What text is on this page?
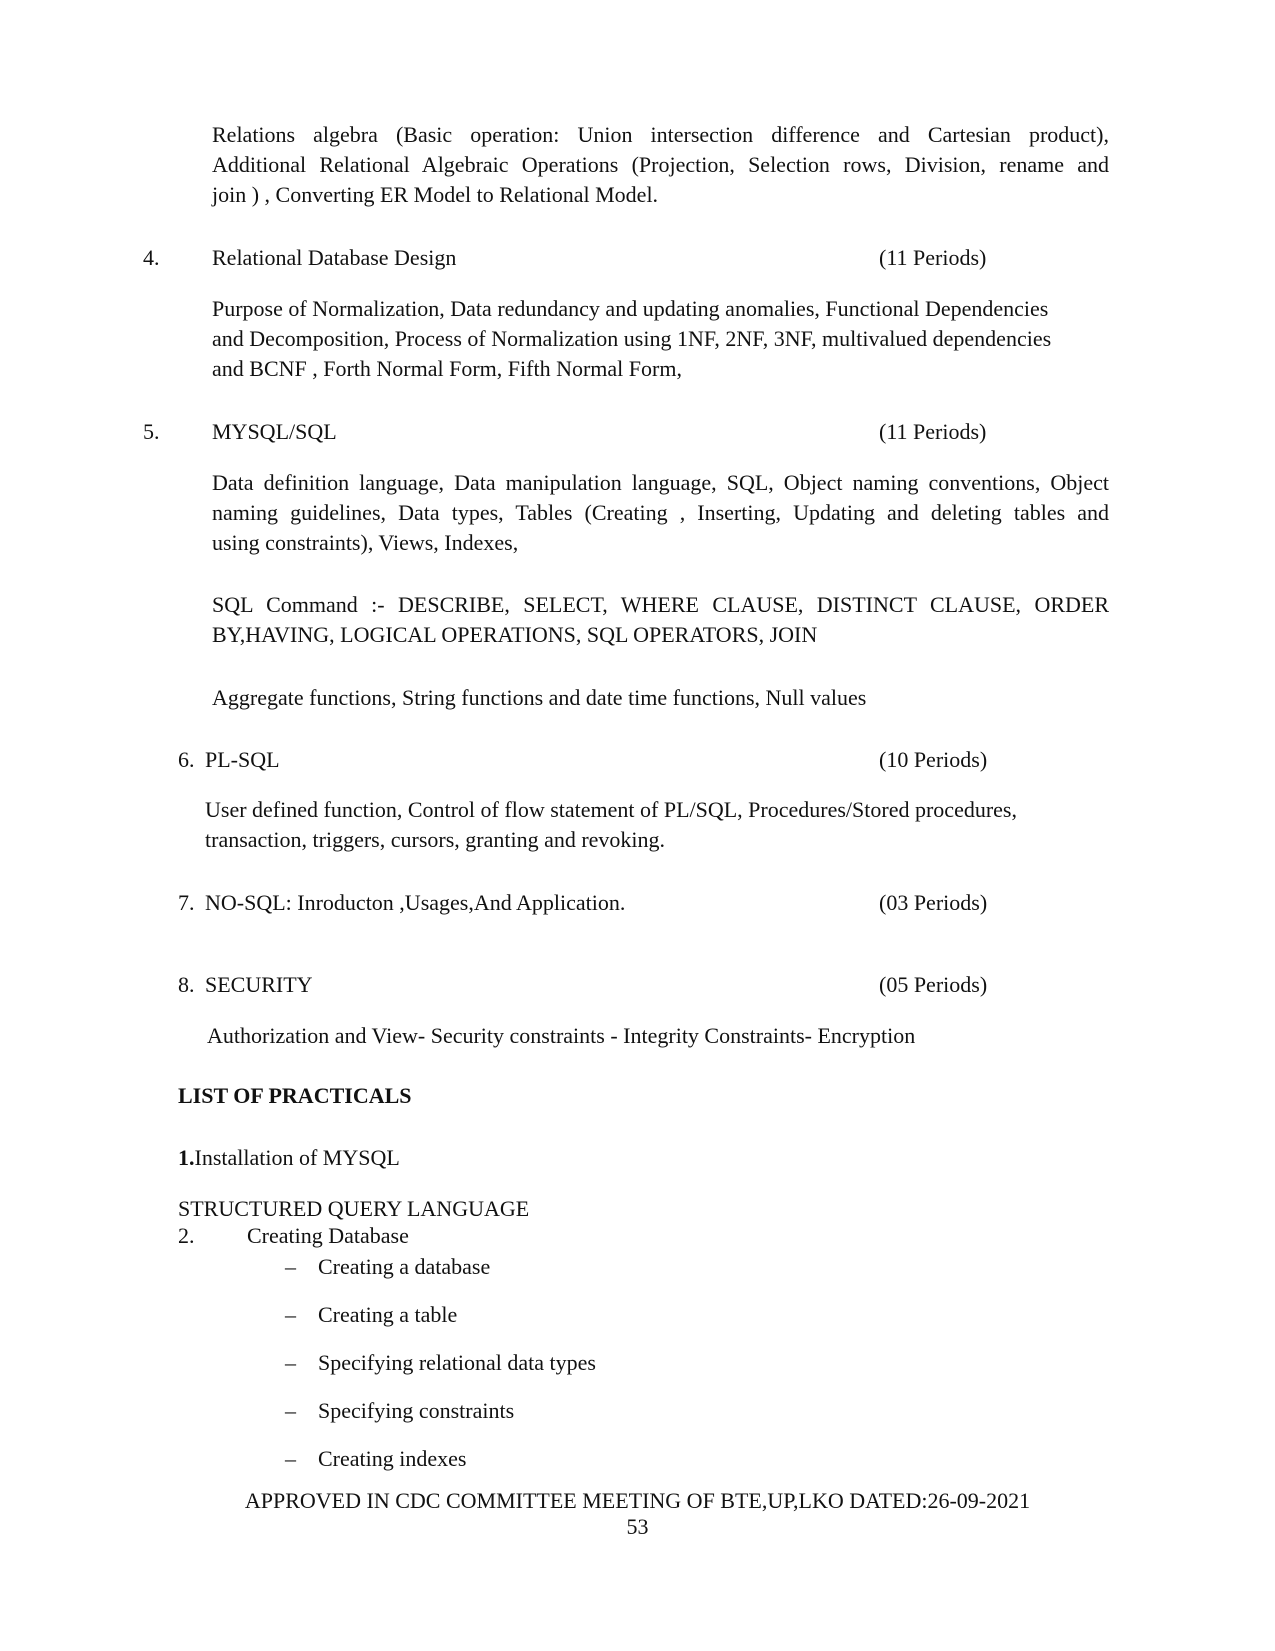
Relations algebra (Basic operation: Union intersection difference and Cartesian product),
Additional Relational Algebraic Operations (Projection, Selection rows, Division, rename and
join ) , Converting ER Model to Relational Model.
4. Relational Database Design	(11 Periods)
Purpose of Normalization, Data redundancy and updating anomalies, Functional Dependencies
and Decomposition, Process of Normalization using 1NF, 2NF, 3NF, multivalued dependencies
and BCNF , Forth Normal Form, Fifth Normal Form,
5. MYSQL/SQL	(11 Periods)
Data definition language, Data manipulation language, SQL, Object naming conventions, Object
naming guidelines, Data types, Tables (Creating , Inserting, Updating and deleting tables and
using constraints), Views, Indexes,
SQL Command :- DESCRIBE, SELECT, WHERE CLAUSE, DISTINCT CLAUSE, ORDER
BY,HAVING, LOGICAL OPERATIONS, SQL OPERATORS, JOIN
Aggregate functions, String functions and date time functions, Null values
6. PL-SQL	(10 Periods)
User defined function, Control of flow statement of PL/SQL, Procedures/Stored procedures,
transaction, triggers, cursors, granting and revoking.
7. NO-SQL: Inroducton ,Usages,And Application.	(03 Periods)
8. SECURITY	(05 Periods)
Authorization and View- Security constraints - Integrity Constraints- Encryption
LIST OF PRACTICALS
1.Installation of MYSQL
STRUCTURED QUERY LANGUAGE
2. Creating Database
– Creating a database
– Creating a table
– Specifying relational data types
– Specifying constraints
– Creating indexes
APPROVED IN CDC COMMITTEE MEETING OF BTE,UP,LKO DATED:26-09-2021
53
